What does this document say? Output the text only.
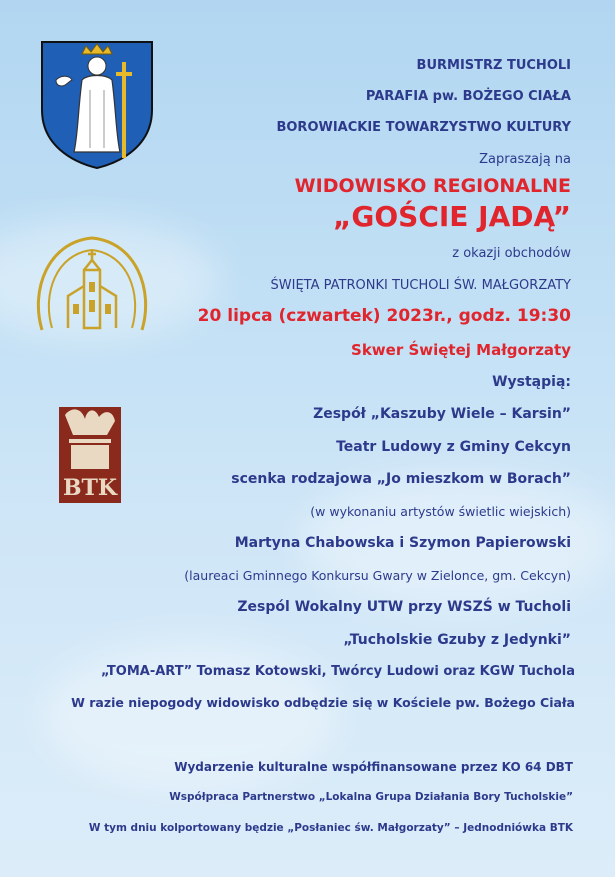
BTK
BURMISTRZ TUCHOLI
PARAFIA pw. BOŻEGO CIAŁA
BOROWIACKIE TOWARZYSTWO KULTURY
Zapraszają na
WIDOWISKO REGIONALNE
„GOŚCIE JADĄ”
z okazji obchodów
ŚWIĘTA PATRONKI TUCHOLI ŚW. MAŁGORZATY
20 lipca (czwartek) 2023r., godz. 19:30
Skwer Świętej Małgorzaty
Wystąpią:
Zespół „Kaszuby Wiele – Karsin”
Teatr Ludowy z Gminy Cekcyn
scenka rodzajowa „Jo mieszkom w Borach”
(w wykonaniu artystów świetlic wiejskich)
Martyna Chabowska i Szymon Papierowski
(laureaci Gminnego Konkursu Gwary w Zielonce, gm. Cekcyn)
Zespól Wokalny UTW przy WSZŚ w Tucholi
„Tucholskie Gzuby z Jedynki”
„TOMA-ART” Tomasz Kotowski, Twórcy Ludowi oraz KGW Tuchola
W razie niepogody widowisko odbędzie się w Kościele pw. Bożego Ciała
Wydarzenie kulturalne współfinansowane przez KO 64 DBT
Współpraca Partnerstwo „Lokalna Grupa Działania Bory Tucholskie”
W tym dniu kolportowany będzie „Posłaniec św. Małgorzaty” – Jednodniówka BTK
